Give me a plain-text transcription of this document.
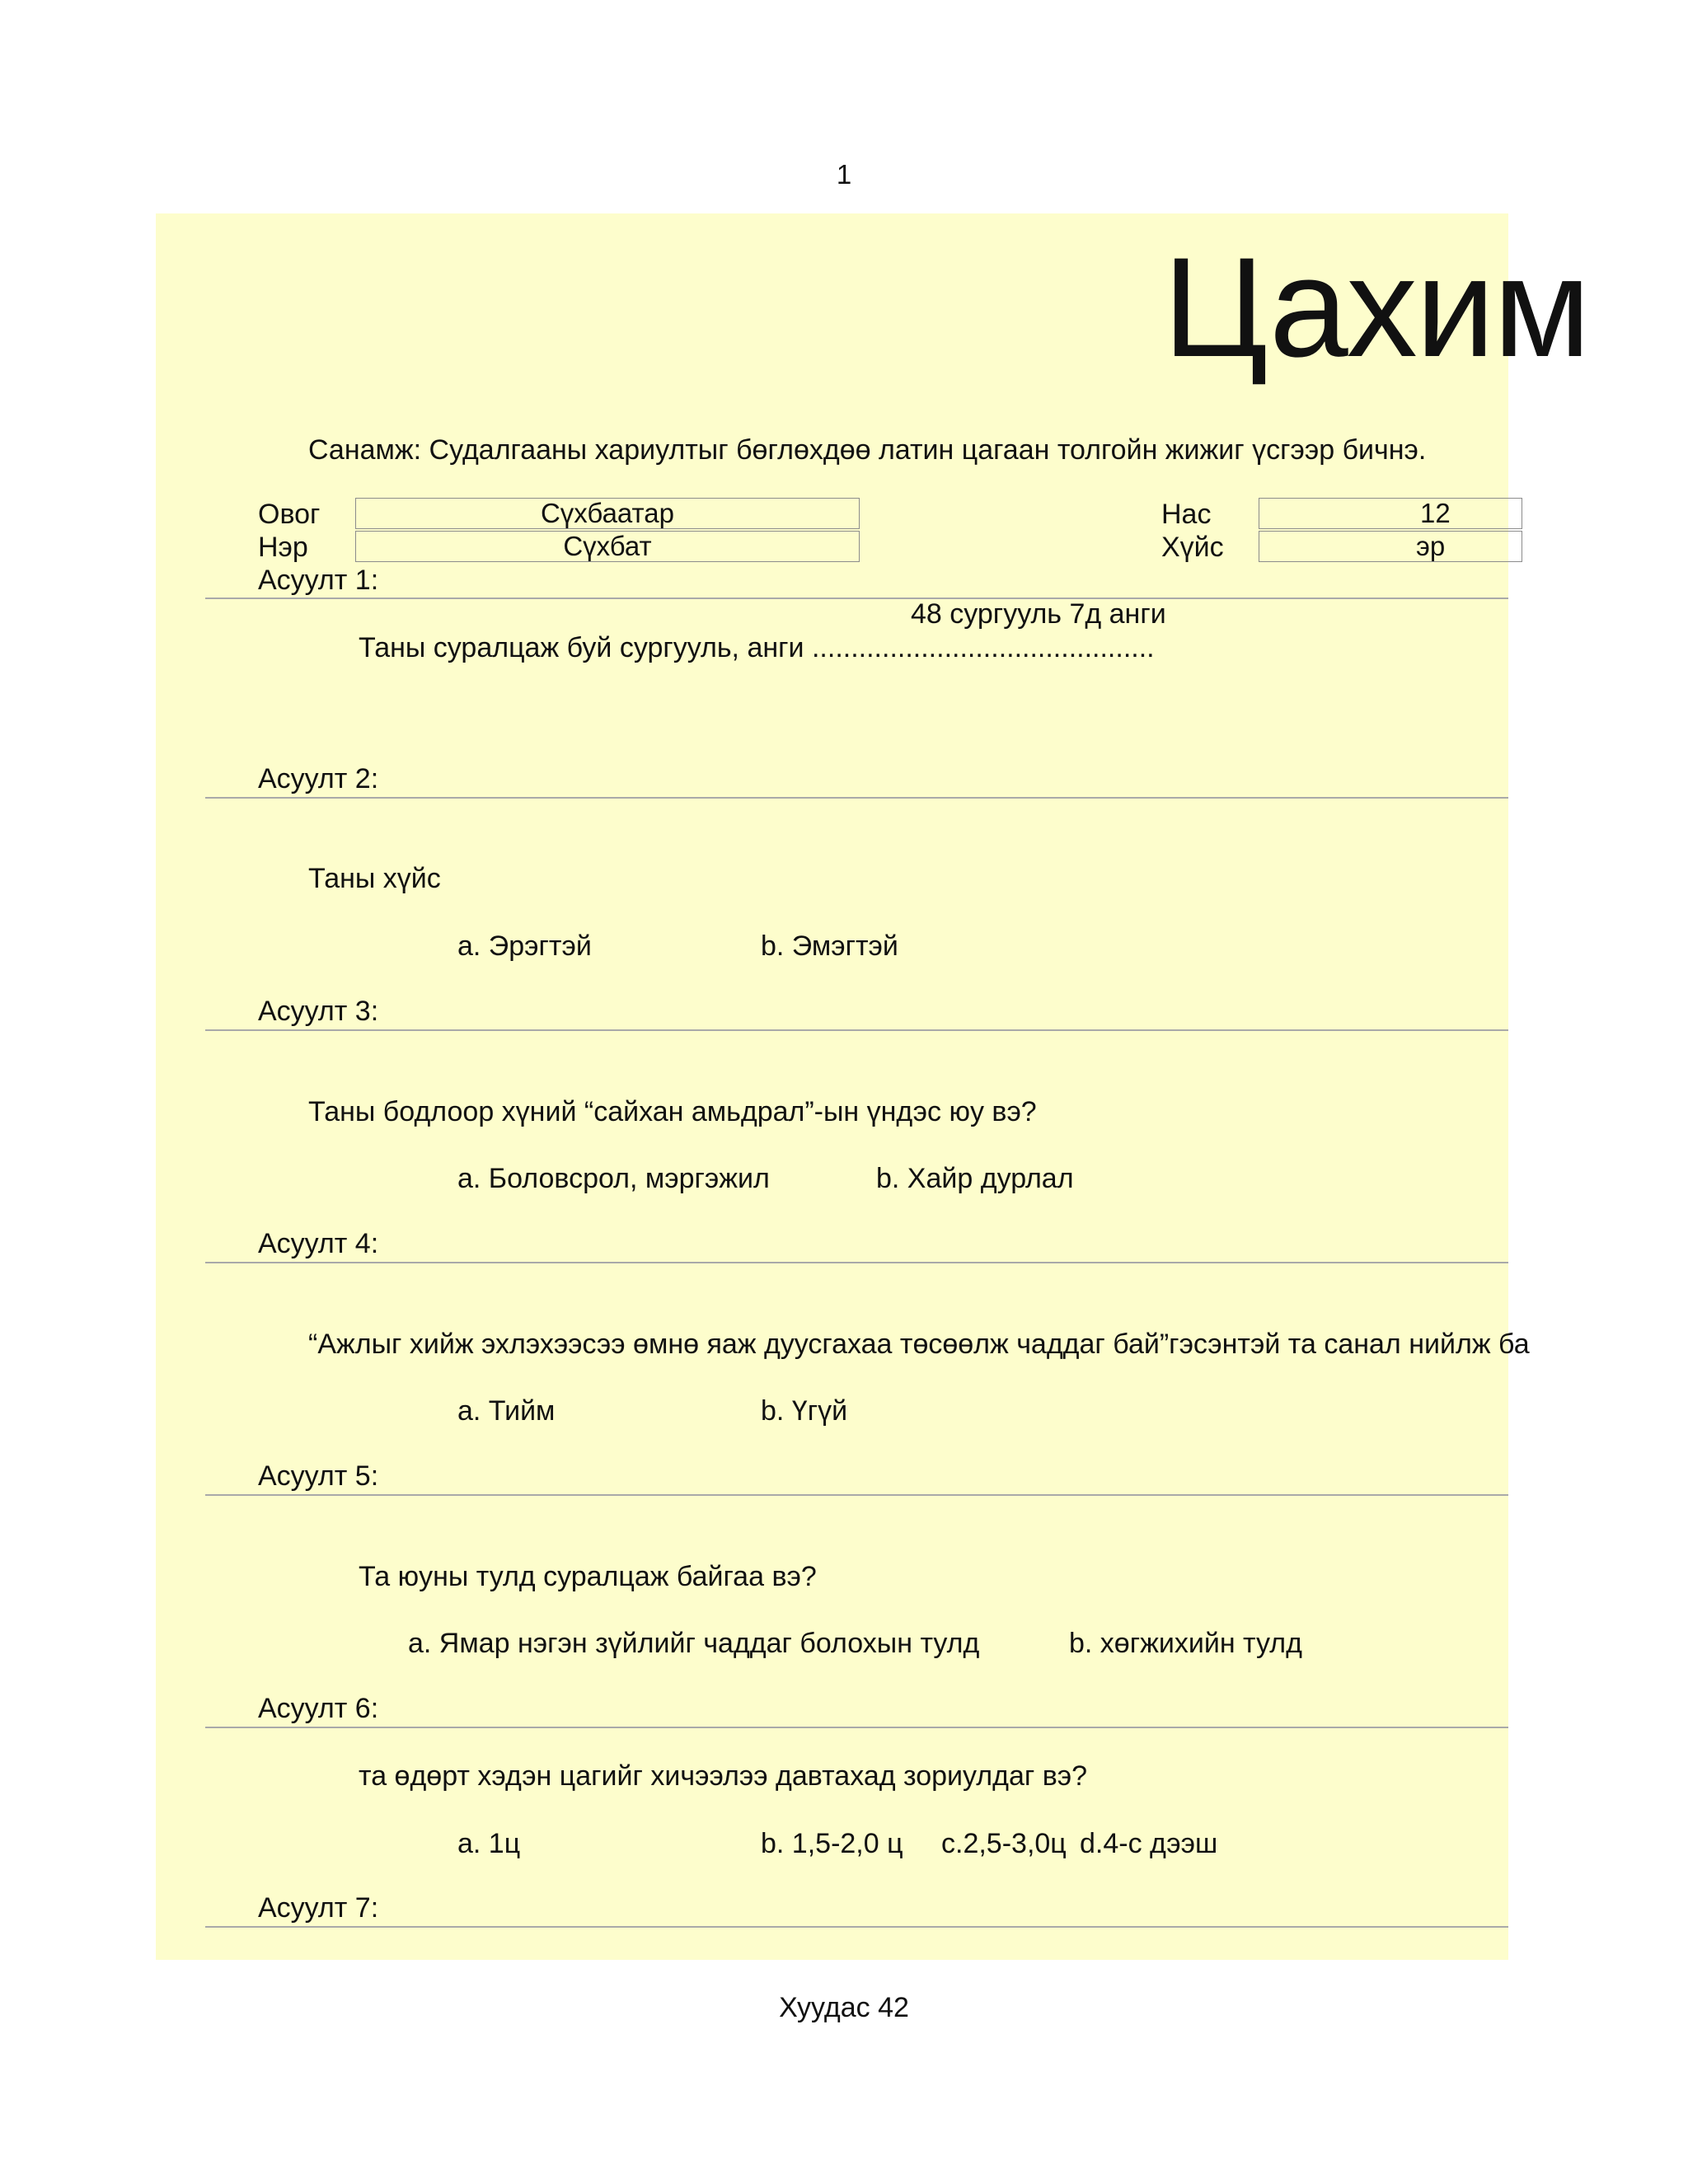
1
Цахим
Санамж: Судалгааны хариултыг бөглөхдөө латин цагаан толгойн жижиг үсгээр бичнэ.
Овог	Сүхбаатар
Нэр	Сүхбат
Нас	12
Хүйс	эр
Асуулт 1:
48 сургууль 7д анги
Таны суралцаж буй сургууль, анги ............................................
Асуулт 2:
Таны хүйс
a. Эрэгтэй	b. Эмэгтэй
Асуулт 3:
Таны бодлоор хүний “сайхан амьдрал”-ын үндэс юу вэ?
a. Боловсрол, мэргэжил	b. Хайр дурлал
Асуулт 4:
“Ажлыг хийж эхлэхээсээ өмнө яаж дуусгахаа төсөөлж чаддаг бай”гэсэнтэй та санал нийлж ба
a. Тийм	b. Үгүй
Асуулт 5:
Та юуны тулд суралцаж байгаа вэ?
a. Ямар нэгэн зүйлийг чаддаг болохын тулд	b. хөгжихийн тулд
Асуулт 6:
та өдөрт хэдэн цагийг хичээлээ давтахад зориулдаг вэ?
a. 1ц	b. 1,5-2,0 ц c.2,5-3,0ц d.4-с дээш
Асуулт 7:
Хуудас 42
